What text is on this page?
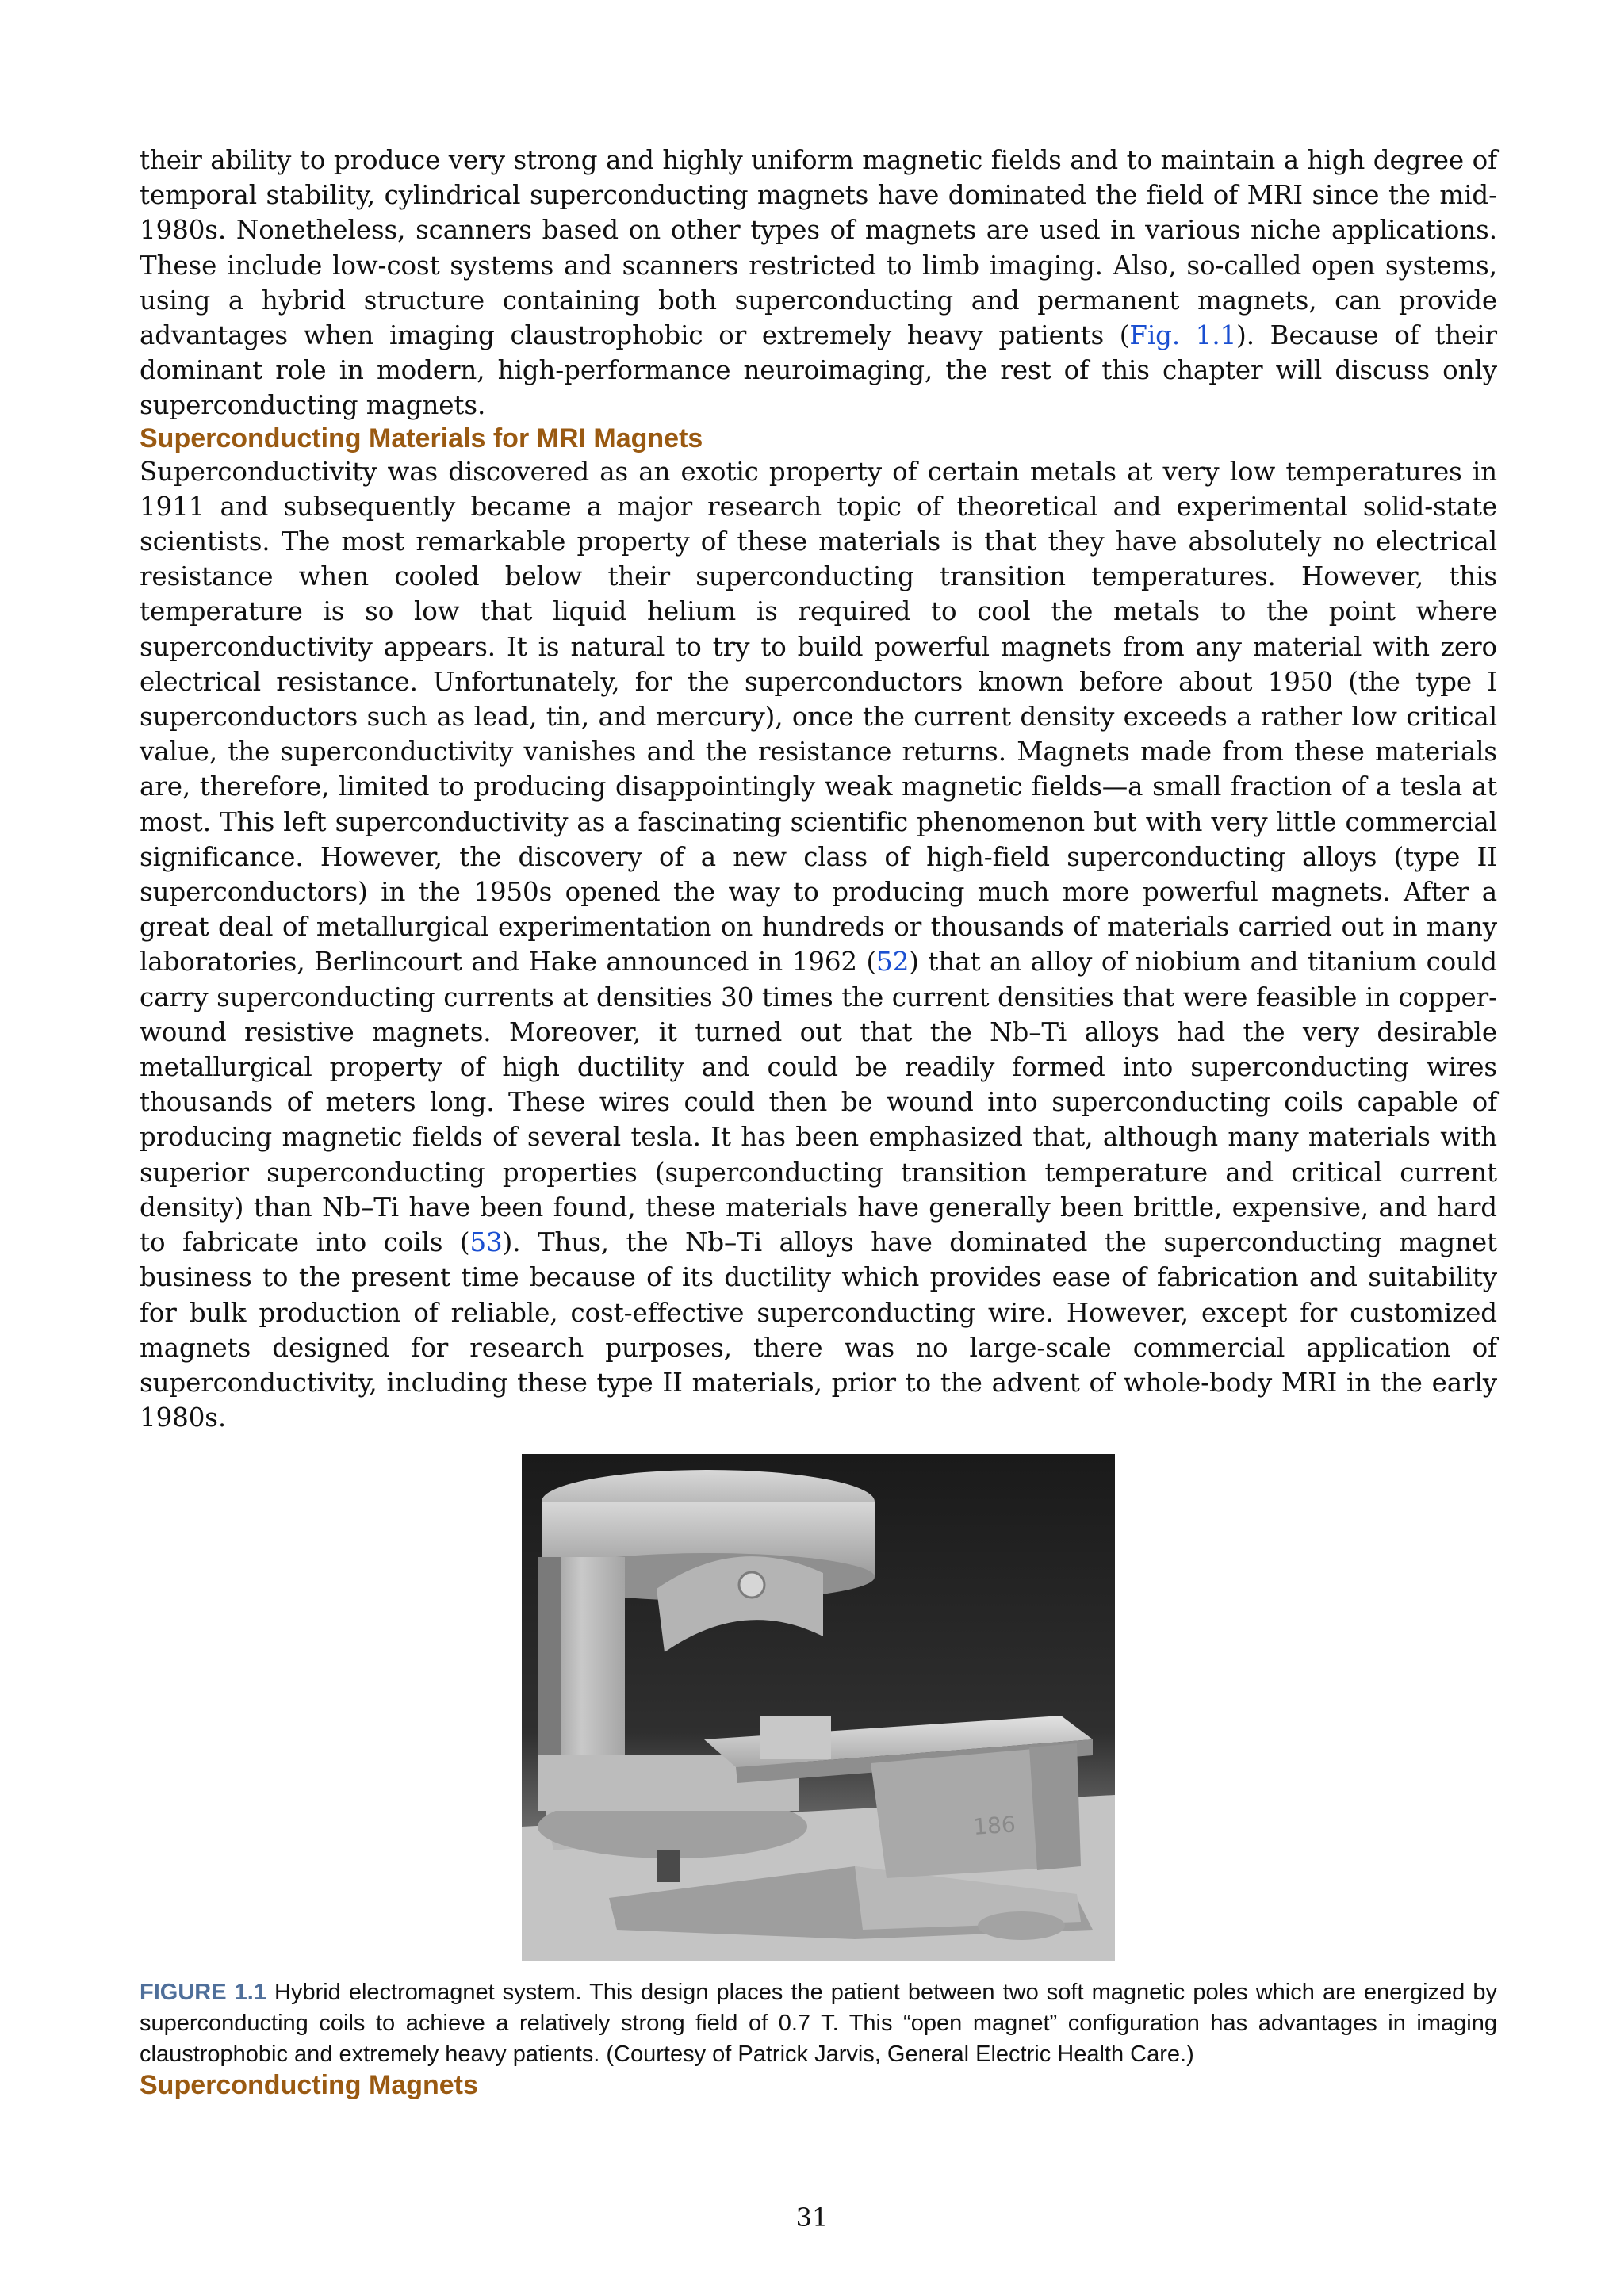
their ability to produce very strong and highly uniform magnetic fields and to maintain a high degree of temporal stability, cylindrical superconducting magnets have dominated the field of MRI since the mid-1980s. Nonetheless, scanners based on other types of magnets are used in various niche applications. These include low-cost systems and scanners restricted to limb imaging. Also, so-called open systems, using a hybrid structure containing both superconducting and permanent magnets, can provide advantages when imaging claustrophobic or extremely heavy patients (Fig. 1.1). Because of their dominant role in modern, high-performance neuroimaging, the rest of this chapter will discuss only superconducting magnets.

Superconducting Materials for MRI Magnets

Superconductivity was discovered as an exotic property of certain metals at very low temperatures in 1911 and subsequently became a major research topic of theoretical and experimental solid-state scientists. The most remarkable property of these materials is that they have absolutely no electrical resistance when cooled below their superconducting transition temperatures. However, this temperature is so low that liquid helium is required to cool the metals to the point where superconductivity appears. It is natural to try to build powerful magnets from any material with zero electrical resistance. Unfortunately, for the superconductors known before about 1950 (the type I superconductors such as lead, tin, and mercury), once the current density exceeds a rather low critical value, the superconductivity vanishes and the resistance returns. Magnets made from these materials are, therefore, limited to producing disappointingly weak magnetic fields—a small fraction of a tesla at most. This left superconductivity as a fascinating scientific phenomenon but with very little commercial significance. However, the discovery of a new class of high-field superconducting alloys (type II superconductors) in the 1950s opened the way to producing much more powerful magnets. After a great deal of metallurgical experimentation on hundreds or thousands of materials carried out in many laboratories, Berlincourt and Hake announced in 1962 (52) that an alloy of niobium and titanium could carry superconducting currents at densities 30 times the current densities that were feasible in copper-wound resistive magnets. Moreover, it turned out that the Nb–Ti alloys had the very desirable metallurgical property of high ductility and could be readily formed into superconducting wires thousands of meters long. These wires could then be wound into superconducting coils capable of producing magnetic fields of several tesla. It has been emphasized that, although many materials with superior superconducting properties (superconducting transition temperature and critical current density) than Nb–Ti have been found, these materials have generally been brittle, expensive, and hard to fabricate into coils (53). Thus, the Nb–Ti alloys have dominated the superconducting magnet business to the present time because of its ductility which provides ease of fabrication and suitability for bulk production of reliable, cost-effective superconducting wire. However, except for customized magnets designed for research purposes, there was no large-scale commercial application of superconductivity, including these type II materials, prior to the advent of whole-body MRI in the early 1980s.

186
FIGURE 1.1 Hybrid electromagnet system. This design places the patient between two soft magnetic poles which are energized by superconducting coils to achieve a relatively strong field of 0.7 T. This “open magnet” configuration has advantages in imaging claustrophobic and extremely heavy patients. (Courtesy of Patrick Jarvis, General Electric Health Care.)
Superconducting Magnets
31
